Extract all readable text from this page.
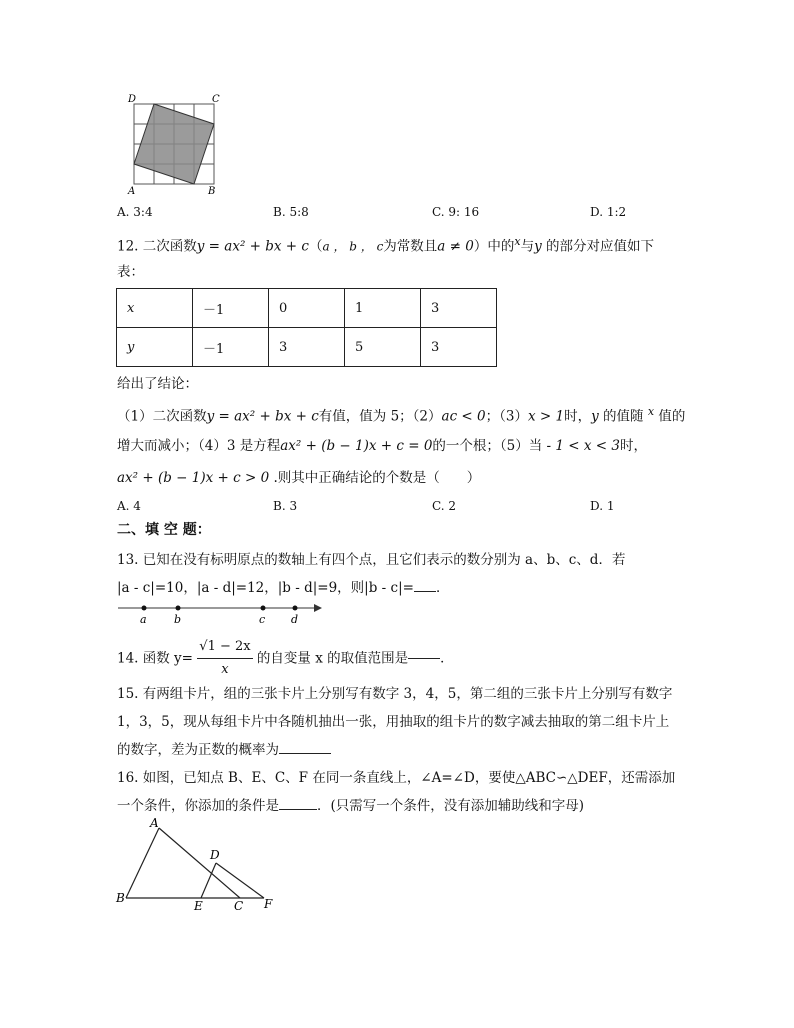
D	C
A	B
A. 3:4	B. 5:8	C. 9: 16	D. 1:2
12. 二次函数y = ax² + bx + c（a ， b ， c为常数且a ≠ 0）中的$^x$与y 的部分对应值如下
表：
x	－1	0	1	3
y	－1	3	5	3
给出了结论：
（1）二次函数y = ax² + bx + c有值，值为 5；（2）ac < 0；（3）x > 1时，y 的值随 $^x$ 值的
增大而减小；（4）3 是方程ax² + (b − 1)x + c = 0的一个根；（5）当 - 1 < x < 3时，
ax² + (b − 1)x + c > 0 .则其中正确结论的个数是（　　）
A. 4	B. 3	C. 2	D. 1
二、填 空 题：
13. 已知在没有标明原点的数轴上有四个点，且它们表示的数分别为 a、b、c、d．若
|a - c|=10，|a - d|=12，|b - d|=9，则|b - c|= ．
a b	c d
14. 函数 $y= \frac{√1 - 2x}{x}$ 的自变量 x 的取值范围是 ．
15. 有两组卡片，组的三张卡片上分别写有数字 3，4，5，第二组的三张卡片上分别写有数字
1，3，5，现从每组卡片中各随机抽出一张，用抽取的组卡片的数字减去抽取的第二组卡片上
的数字，差为正数的概率为
16. 如图，已知点 B、E、C、F 在同一条直线上，∠A=∠D，要使△ABC∽△DEF，还需添加
一个条件，你添加的条件是	．(只需写一个条件，没有添加辅助线和字母)
A
B
C
D
E	F
